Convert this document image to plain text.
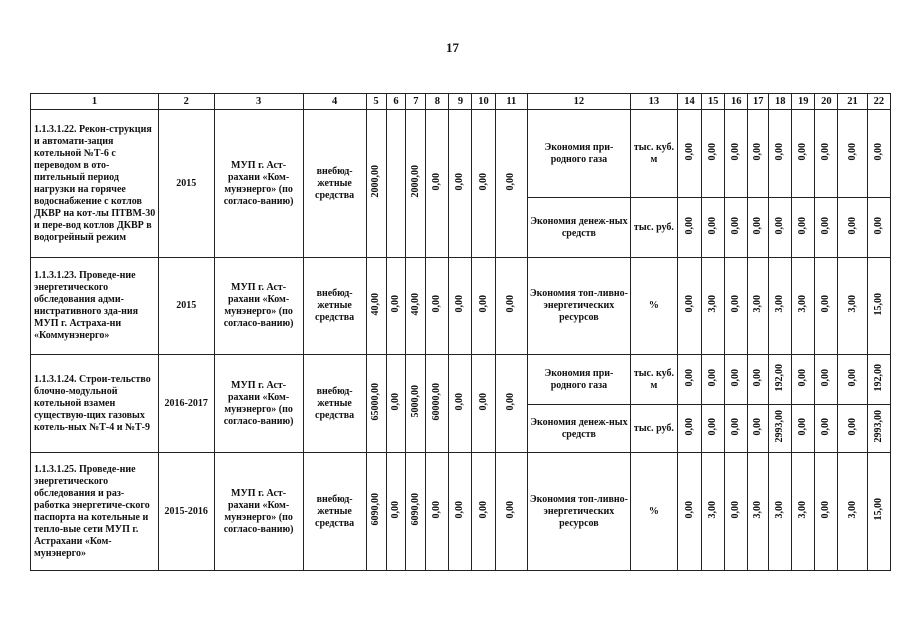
17
1	2	3	4	5	6	7	8	9	10	11	12	13	14	15	16	17	18	19	20	21	22
1.1.3.1.22. Рекон-струкция и автомати-зация котельной №Т-6 с переводом в ото-пительный период нагрузки на горячее водоснабжение с котлов ДКВР на кот-лы ПТВМ-30 и пере-вод котлов ДКВР в водогрейный режим	2015	МУП г. Аст-рахани «Ком-мунэнерго» (по согласо-ванию)	внебюд-жетные средства	2000,00		2000,00	0,00	0,00	0,00	0,00	Экономия при-родного газа	тыс. куб. м	0,00	0,00	0,00	0,00	0,00	0,00	0,00	0,00	0,00
											Экономия денеж-ных средств	тыс. руб.	0,00	0,00	0,00	0,00	0,00	0,00	0,00	0,00	0,00
1.1.3.1.23. Проведе-ние энергетического обследования адми-нистративного зда-ния МУП г. Астраха-ни «Коммунэнерго»	2015	МУП г. Аст-рахани «Ком-мунэнерго» (по согласо-ванию)	внебюд-жетные средства	40,00	0,00	40,00	0,00	0,00	0,00	0,00	Экономия топ-ливно-энергетических ресурсов	%	0,00	3,00	0,00	3,00	3,00	3,00	0,00	3,00	15,00
1.1.3.1.24. Строи-тельство блочно-модульной котельной взамен существую-щих газовых котель-ных №Т-4 и №Т-9	2016-2017	МУП г. Аст-рахани «Ком-мунэнерго» (по согласо-ванию)	внебюд-жетные средства	65000,00	0,00	5000,00	60000,00	0,00	0,00	0,00	Экономия при-родного газа	тыс. куб. м	0,00	0,00	0,00	0,00	192,00	0,00	0,00	0,00	192,00
											Экономия денеж-ных средств	тыс. руб.	0,00	0,00	0,00	0,00	2993,00	0,00	0,00	0,00	2993,00
1.1.3.1.25. Проведе-ние энергетического обследования и раз-работка энергетиче-ского паспорта на котельные и тепло-вые сети МУП г. Астрахани «Ком-мунэнерго»	2015-2016	МУП г. Аст-рахани «Ком-мунэнерго» (по согласо-ванию)	внебюд-жетные средства	6090,00	0,00	6090,00	0,00	0,00	0,00	0,00	Экономия топ-ливно-энергетических ресурсов	%	0,00	3,00	0,00	3,00	3,00	3,00	0,00	3,00	15,00
